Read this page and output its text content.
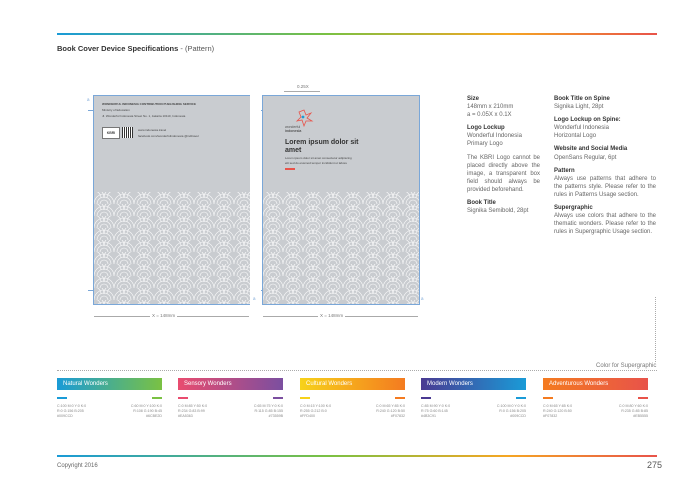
Book Cover Device Specifications - (Pattern)
0.25X
a
WONDERFUL INDONESIA CONTRIBUTION PUBLISHING SERVICE
Ministry of Education
Jl. Wonderful Indonesia Street No. 1, Jakarta 10110, Indonesia
KBRI
www.indonesia.travel
facebook.com/wonderfulindonesia @indtravel
wonderful
indonesia
Lorem ipsum dolor sit amet
Lorem ipsum dolor sit amet consectetur adipiscing
elit sed do eiusmod tempor incididunt ut labore
a	a
X = 148mm	X = 148mm
Size
148mm x 210mm
a = 0.05X x 0.1X
Logo Lockup
Wonderful Indonesia
Primary Logo
The KBRI Logo cannot be placed directly above the image, a transparent box field should always be provided beforehand.
Book Title
Signika Semibold, 28pt
Book Title on Spine
Signika Light, 28pt
Logo Lockup on Spine:
Wonderful Indonesia
Horizontal Logo
Website and Social Media
OpenSans Regular, 6pt
Pattern
Always use patterns that adhere to the patterns style. Please refer to the rules in Patterns Usage section.
Supergraphic
Always use colors that adhere to the thematic wonders. Please refer to the rules in Supergraphic Usage section.
Color for Supergraphic
Natural Wonders
C:100 M:0 Y:0 K:0
R:0 G:156 B:205
#009CCD
C:60 M:0 Y:100 K:0
R:108 G:190 B:45
#6CBE2D
Sensory Wonders
C:0 M:85 Y:50 K:0
R:234 G:83 B:99
#EA5363
C:65 M:75 Y:0 K:0
R:115 G:85 B:155
#73559B
Cultural Wonders
C:0 M:15 Y:100 K:0
R:255 G:212 B:0
#FFD400
C:0 M:65 Y:85 K:0
R:240 G:120 B:50
#F07832
Modern Wonders
C:85 M:90 Y:0 K:0
R:75 G:60 B:145
#4B3C91
C:100 M:0 Y:0 K:0
R:0 G:156 B:205
#009CCD
Adventurous Wonders
C:0 M:65 Y:85 K:0
R:240 G:120 B:50
#F07832
C:0 M:80 Y:60 K:0
R:235 G:85 B:85
#EB5555
Copyright 2016	275
